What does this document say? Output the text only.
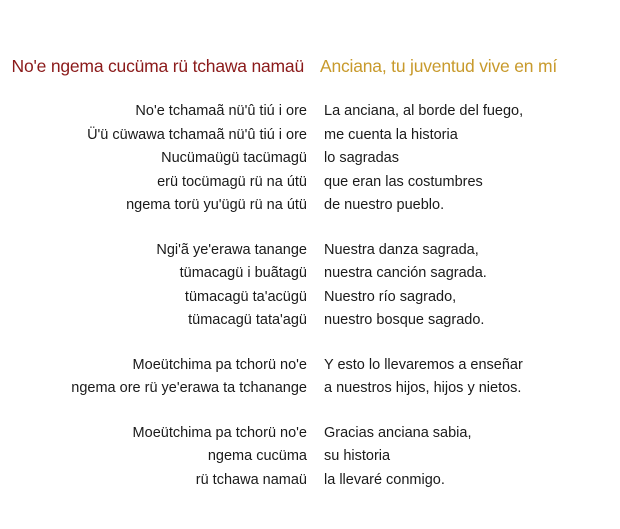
No'e ngema cucüma rü tchawa namaü Anciana, tu juventud vive en mí
No'e tchamaã nü'û tiú i ore
Ü'ü cüwawa tchamaã nü'û tiú i ore
Nucümaügü tacümagü
erü tocümagü rü na útü
ngema torü yu'ügü rü na útü
Ngi'ã ye'erawa tanange
tümacagü i buãtagü
tümacagü ta'acügü
tümacagü tata'agü
Moeütchima pa tchorü no'e
ngema ore rü ye'erawa ta tchanange
Moeütchima pa tchorü no'e
ngema cucüma
rü tchawa namaü
La anciana, al borde del fuego,
me cuenta la historia
lo sagradas
que eran las costumbres
de nuestro pueblo.
Nuestra danza sagrada,
nuestra canción sagrada.
Nuestro río sagrado,
nuestro bosque sagrado.
Y esto lo llevaremos a enseñar
a nuestros hijos, hijos y nietos.
Gracias anciana sabia,
su historia
la llevaré conmigo.
